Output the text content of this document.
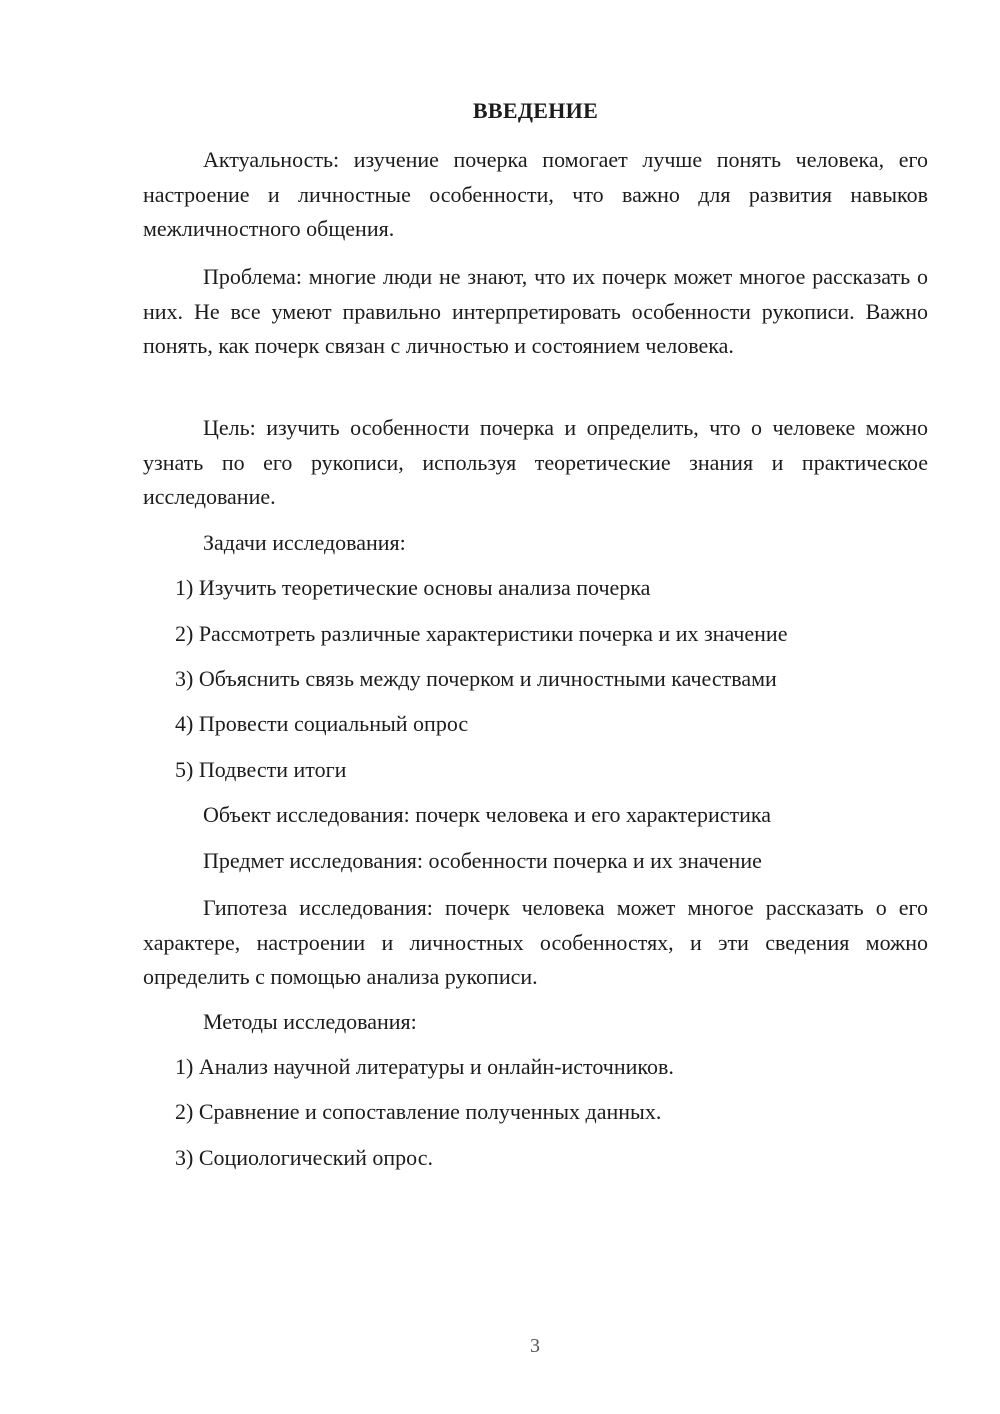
ВВЕДЕНИЕ

Актуальность: изучение почерка помогает лучше понять человека, его настроение и личностные особенности, что важно для развития навыков межличностного общения.

Проблема: многие люди не знают, что их почерк может многое рассказать о них. Не все умеют правильно интерпретировать особенности рукописи. Важно понять, как почерк связан с личностью и состоянием человека.

Цель: изучить особенности почерка и определить, что о человеке можно узнать по его рукописи, используя теоретические знания и практическое исследование.

Задачи исследования:

1) Изучить теоретические основы анализа почерка

2) Рассмотреть различные характеристики почерка и их значение

3) Объяснить связь между почерком и личностными качествами

4) Провести социальный опрос

5) Подвести итоги

Объект исследования: почерк человека и его характеристика

Предмет исследования: особенности почерка и их значение

Гипотеза исследования: почерк человека может многое рассказать о его характере, настроении и личностных особенностях, и эти сведения можно определить с помощью анализа рукописи.

Методы исследования:

1) Анализ научной литературы и онлайн-источников.

2) Сравнение и сопоставление полученных данных.

3) Социологический опрос.

3
